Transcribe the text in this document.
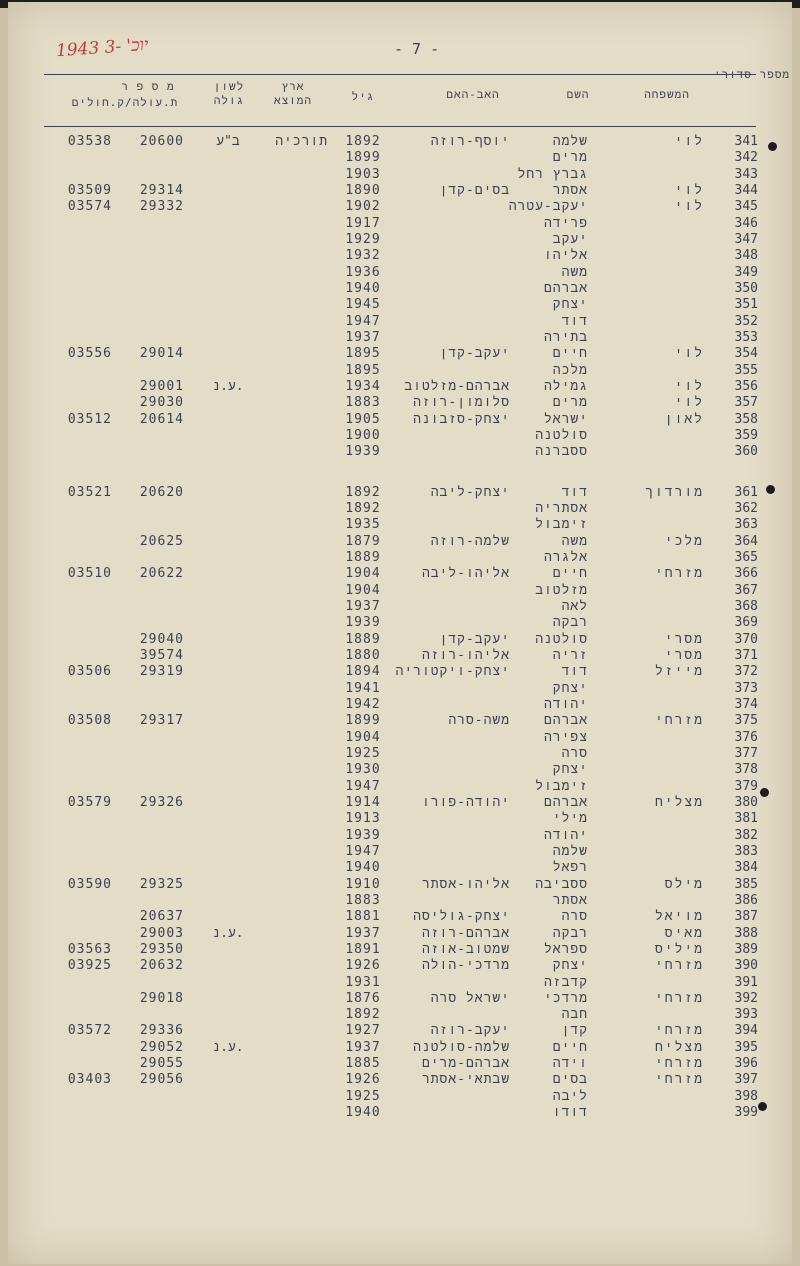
1943 יוכ' -3	- 7 -
מספר סדורי
המשפחה
השם
האב-האם
גיל
ארץ המוצא
לשון גולה
מ ס פ ר
ת.עולה/ק.חולים
341
לוי
שלמה
יוסף-רוזה
1892
תורכיה
ב"ע
20600
03538
342
מרים
1899
343
גברץ רחל
1903
344
לוי
אסתר
בסים-קדן
1890
29314
03509
345
לוי
יעקב-עטרה
1902
29332
03574
346
פרידה
1917
347
יעקב
1929
348
אליהו
1932
349
משה
1936
350
אברהם
1940
351
יצחק
1945
352
דוד
1947
353
בתירה
1937
354
לוי
חיים
יעקב-קדן
1895
29014
03556
355
מלכה
1895
356
לוי
גמילה
אברהם-מזלטוב
1934
ע.נ.
29001
357
לוי
מרים
סלומון-רוזה
1883
29030
358
לאון
ישראל
יצחק-סזבונה
1905
20614
03512
359
סולטנה
1900
360
ססברנה
1939
361
מורדוך
דוד
יצחק-ליבה
1892
20620
03521
362
אסתריה
1892
363
זימבול
1935
364
מלכי
משה
שלמה-רוזה
1879
20625
365
אלגרה
1889
366
מזרחי
חיים
אליהו-ליבה
1904
20622
03510
367
מזלטוב
1904
368
לאה
1937
369
רבקה
1939
370
מסרי
סולטנה
יעקב-קדן
1889
29040
371
מסרי
זריה
אליהו-רוזה
1880
39574
372
מייזל
דוד
יצחק-ויקטוריה
1894
29319
03506
373
יצחק
1941
374
יהודה
1942
375
מזרחי
אברהם
משה-סרה
1899
29317
03508
376
צפירה
1904
377
סרה
1925
378
יצחק
1930
379
זימבול
1947
380
מצליח
אברהם
יהודה-פורו
1914
29326
03579
381
מילי
1913
382
יהודה
1939
383
שלמה
1947
384
רפאל
1940
385
מילס
ססביבה
אליהו-אסתר
1910
29325
03590
386
אסתר
1883
387
מויאל
סרה
יצחק-גוליסה
1881
20637
388
מאיס
רבקה
אברהם-רוזה
1937
ע.נ.
29003
389
מיליס
ספראל
שמטוב-אוזה
1891
29350
03563
390
מזרחי
יצחק
מרדכי-הולה
1926
20632
03925
391
קדבזה
1931
392
מזרחי
מרדכי
ישראל סרה
1876
29018
393
חבה
1892
394
מזרחי
קדן
יעקב-רוזה
1927
29336
03572
395
מצליח
חיים
שלמה-סולטנה
1937
ע.נ.
29052
396
מזרחי
וידה
אברהם-מרים
1885
29055
397
מזרחי
בסים
שבתאי-אסתר
1926
29056
03403
398
ליבה
1925
399
דודו
1940
